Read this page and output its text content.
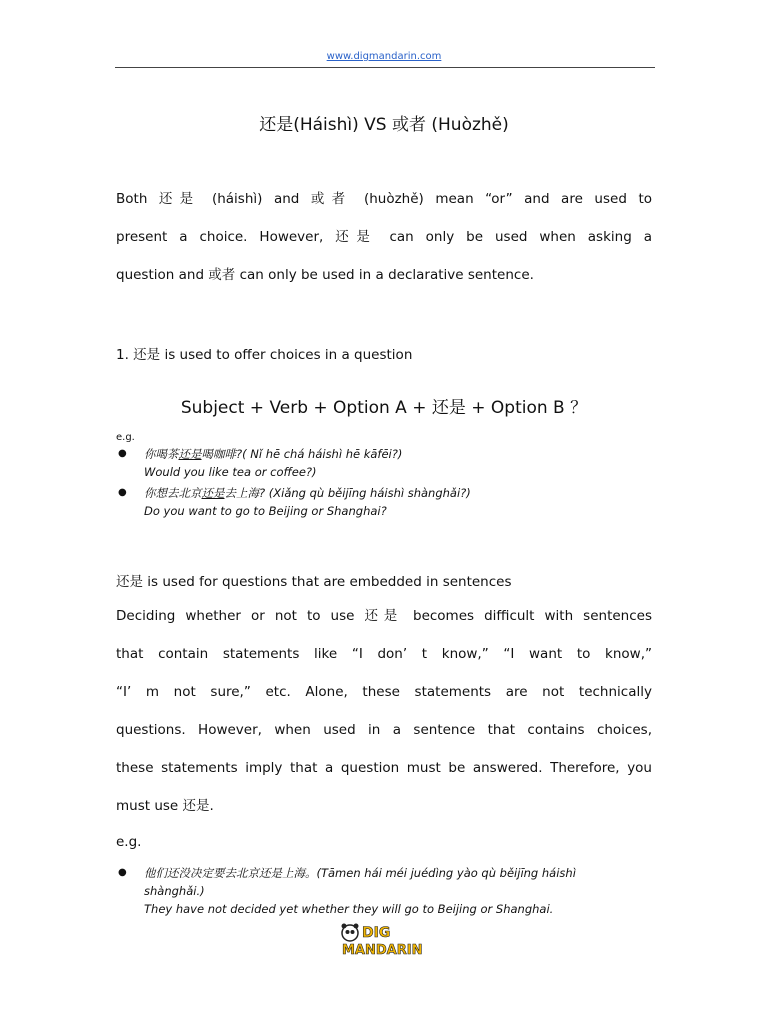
www.digmandarin.com
还是(Háishì) VS 或者 (Huòzhě)
Both 还是 (háishì) and 或者 (huòzhě) mean “or” and are used to
present a choice. However, 还是 can only be used when asking a
question and 或者 can only be used in a declarative sentence.
1. 还是 is used to offer choices in a question
Subject + Verb + Option A + 还是 + Option B ？
e.g.
● 你喝茶还是喝咖啡?( Nǐ hē chá háishì hē kāfēi?)
Would you like tea or coffee?)
● 你想去北京还是去上海? (Xiǎng qù běijīng háishì shànghǎi?)
Do you want to go to Beijing or Shanghai?
还是 is used for questions that are embedded in sentences
Deciding whether or not to use 还是 becomes difficult with sentences
that contain statements like “I don’ t know,” “I want to know,”
“I’ m not sure,” etc. Alone, these statements are not technically
questions. However, when used in a sentence that contains choices,
these statements imply that a question must be answered. Therefore, you
must use 还是.
e.g.
● 他们还没决定要去北京还是上海。(Tāmen hái méi juédìng yào qù běijīng háishì
shànghǎi.)
They have not decided yet whether they will go to Beijing or Shanghai.
DIG
MANDARIN
